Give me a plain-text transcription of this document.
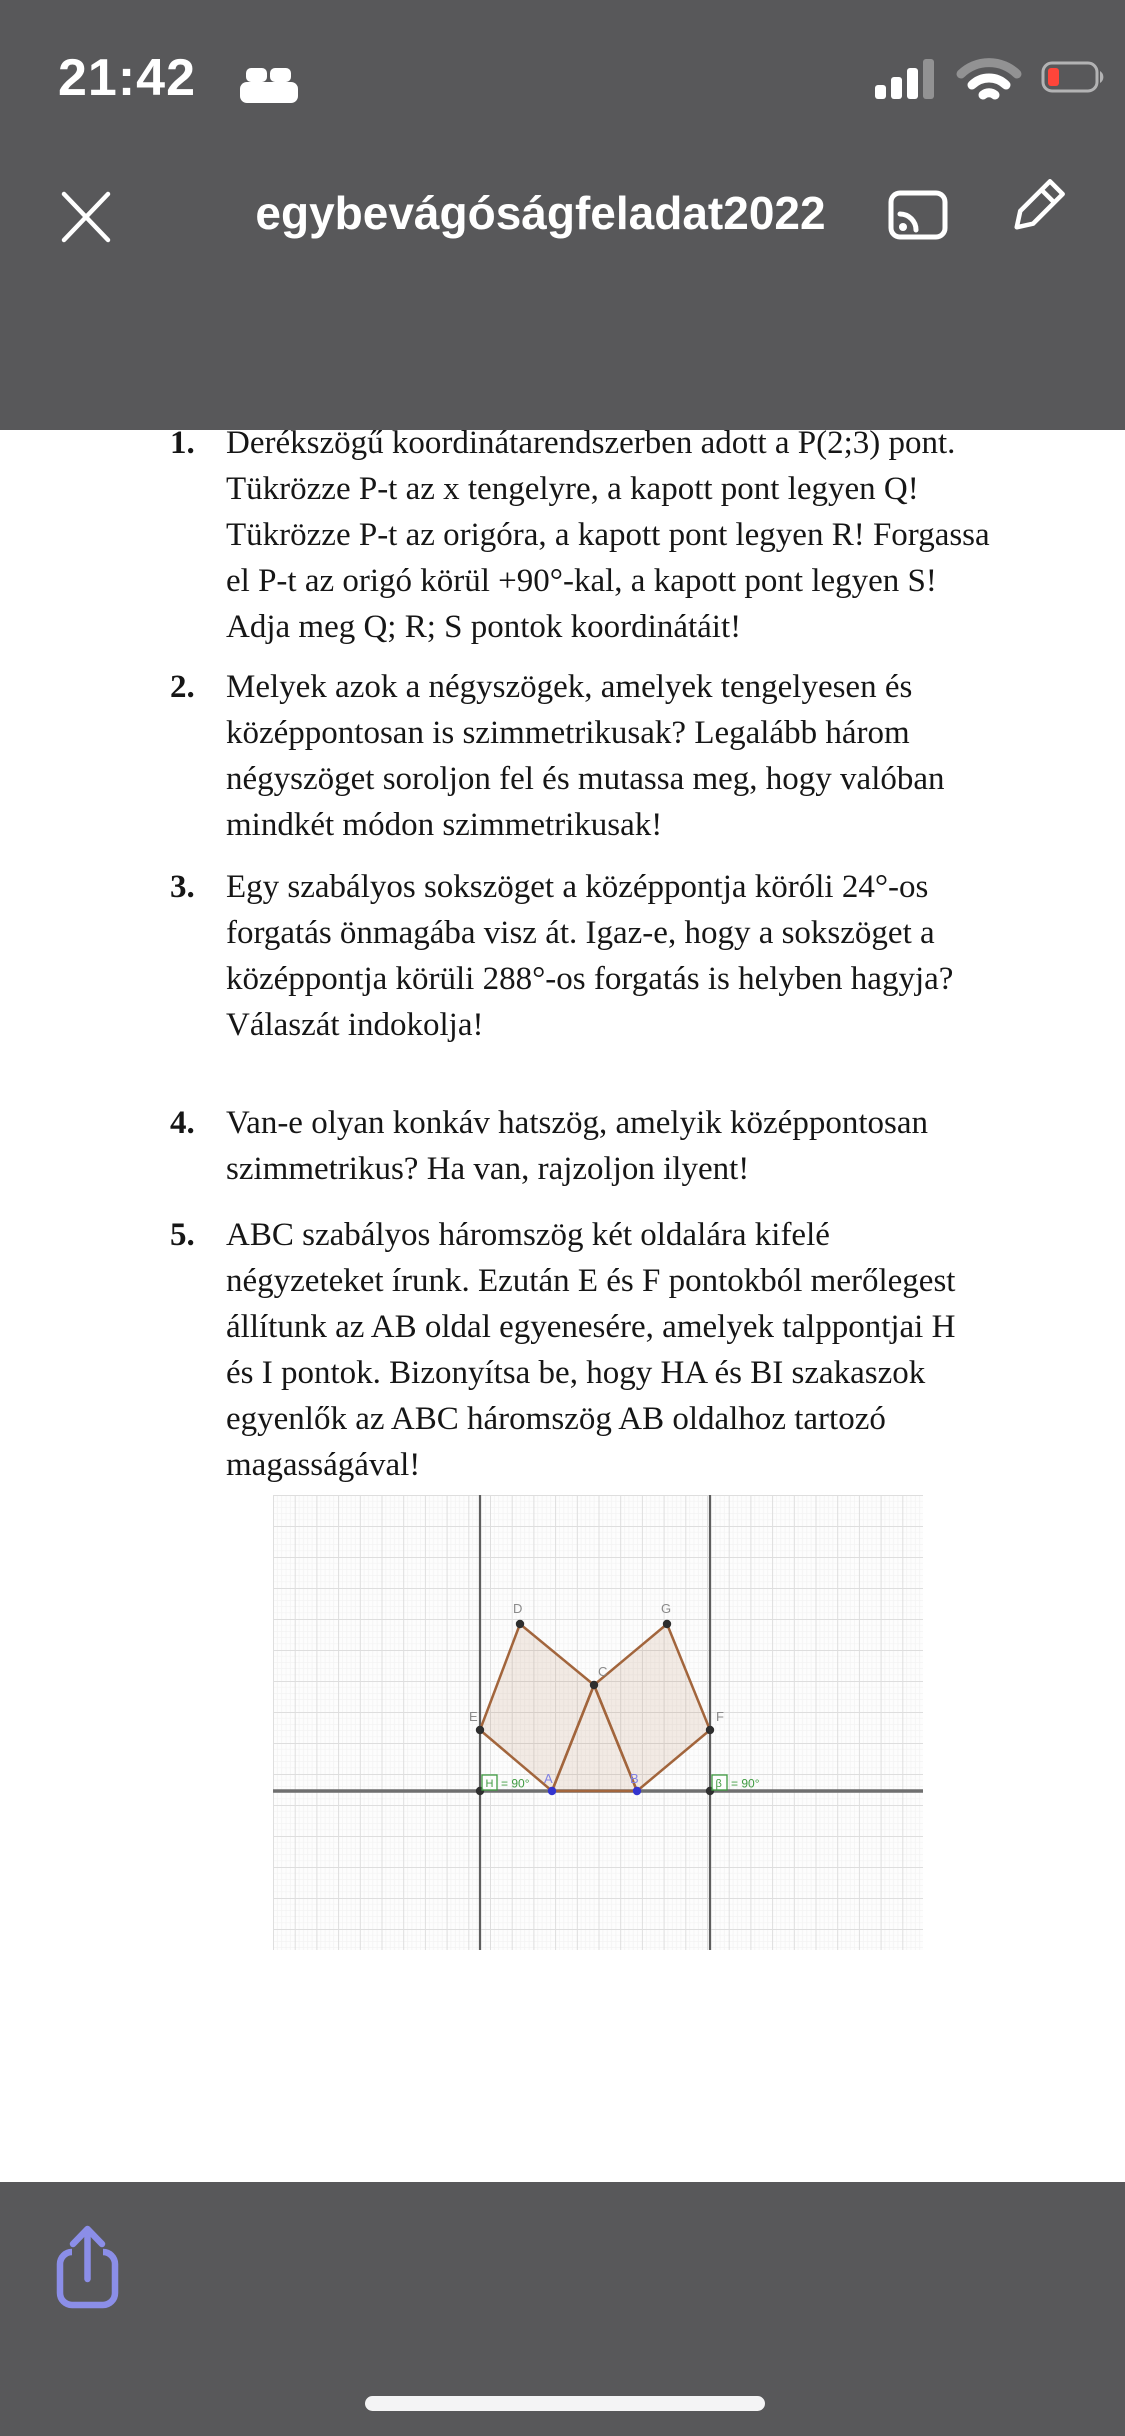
21:42
egybevágóságfeladat2022
1. Derékszögű koordinátarendszerben adott a P(2;3) pont.
Tükrözze P-t az x tengelyre, a kapott pont legyen Q!
Tükrözze P-t az origóra, a kapott pont legyen R! Forgassa
el P-t az origó körül +90°-kal, a kapott pont legyen S!
Adja meg Q; R; S pontok koordinátáit!
2. Melyek azok a négyszögek, amelyek tengelyesen és
középpontosan is szimmetrikusak? Legalább három
négyszöget soroljon fel és mutassa meg, hogy valóban
mindkét módon szimmetrikusak!
3. Egy szabályos sokszöget a középpontja köróli 24°-os
forgatás önmagába visz át. Igaz-e, hogy a sokszöget a
középpontja körüli 288°-os forgatás is helyben hagyja?
Válaszát indokolja!
4. Van-e olyan konkáv hatszög, amelyik középpontosan
szimmetrikus? Ha van, rajzoljon ilyent!
5. ABC szabályos háromszög két oldalára kifelé
négyzeteket írunk. Ezután E és F pontokból merőlegest
állítunk az AB oldal egyenesére, amelyek talppontjai H
és I pontok. Bizonyítsa be, hogy HA és BI szakaszok
egyenlők az ABC háromszög AB oldalhoz tartozó
magasságával!
A	B
C
D
E	F
G
H = 90°	β = 90°
